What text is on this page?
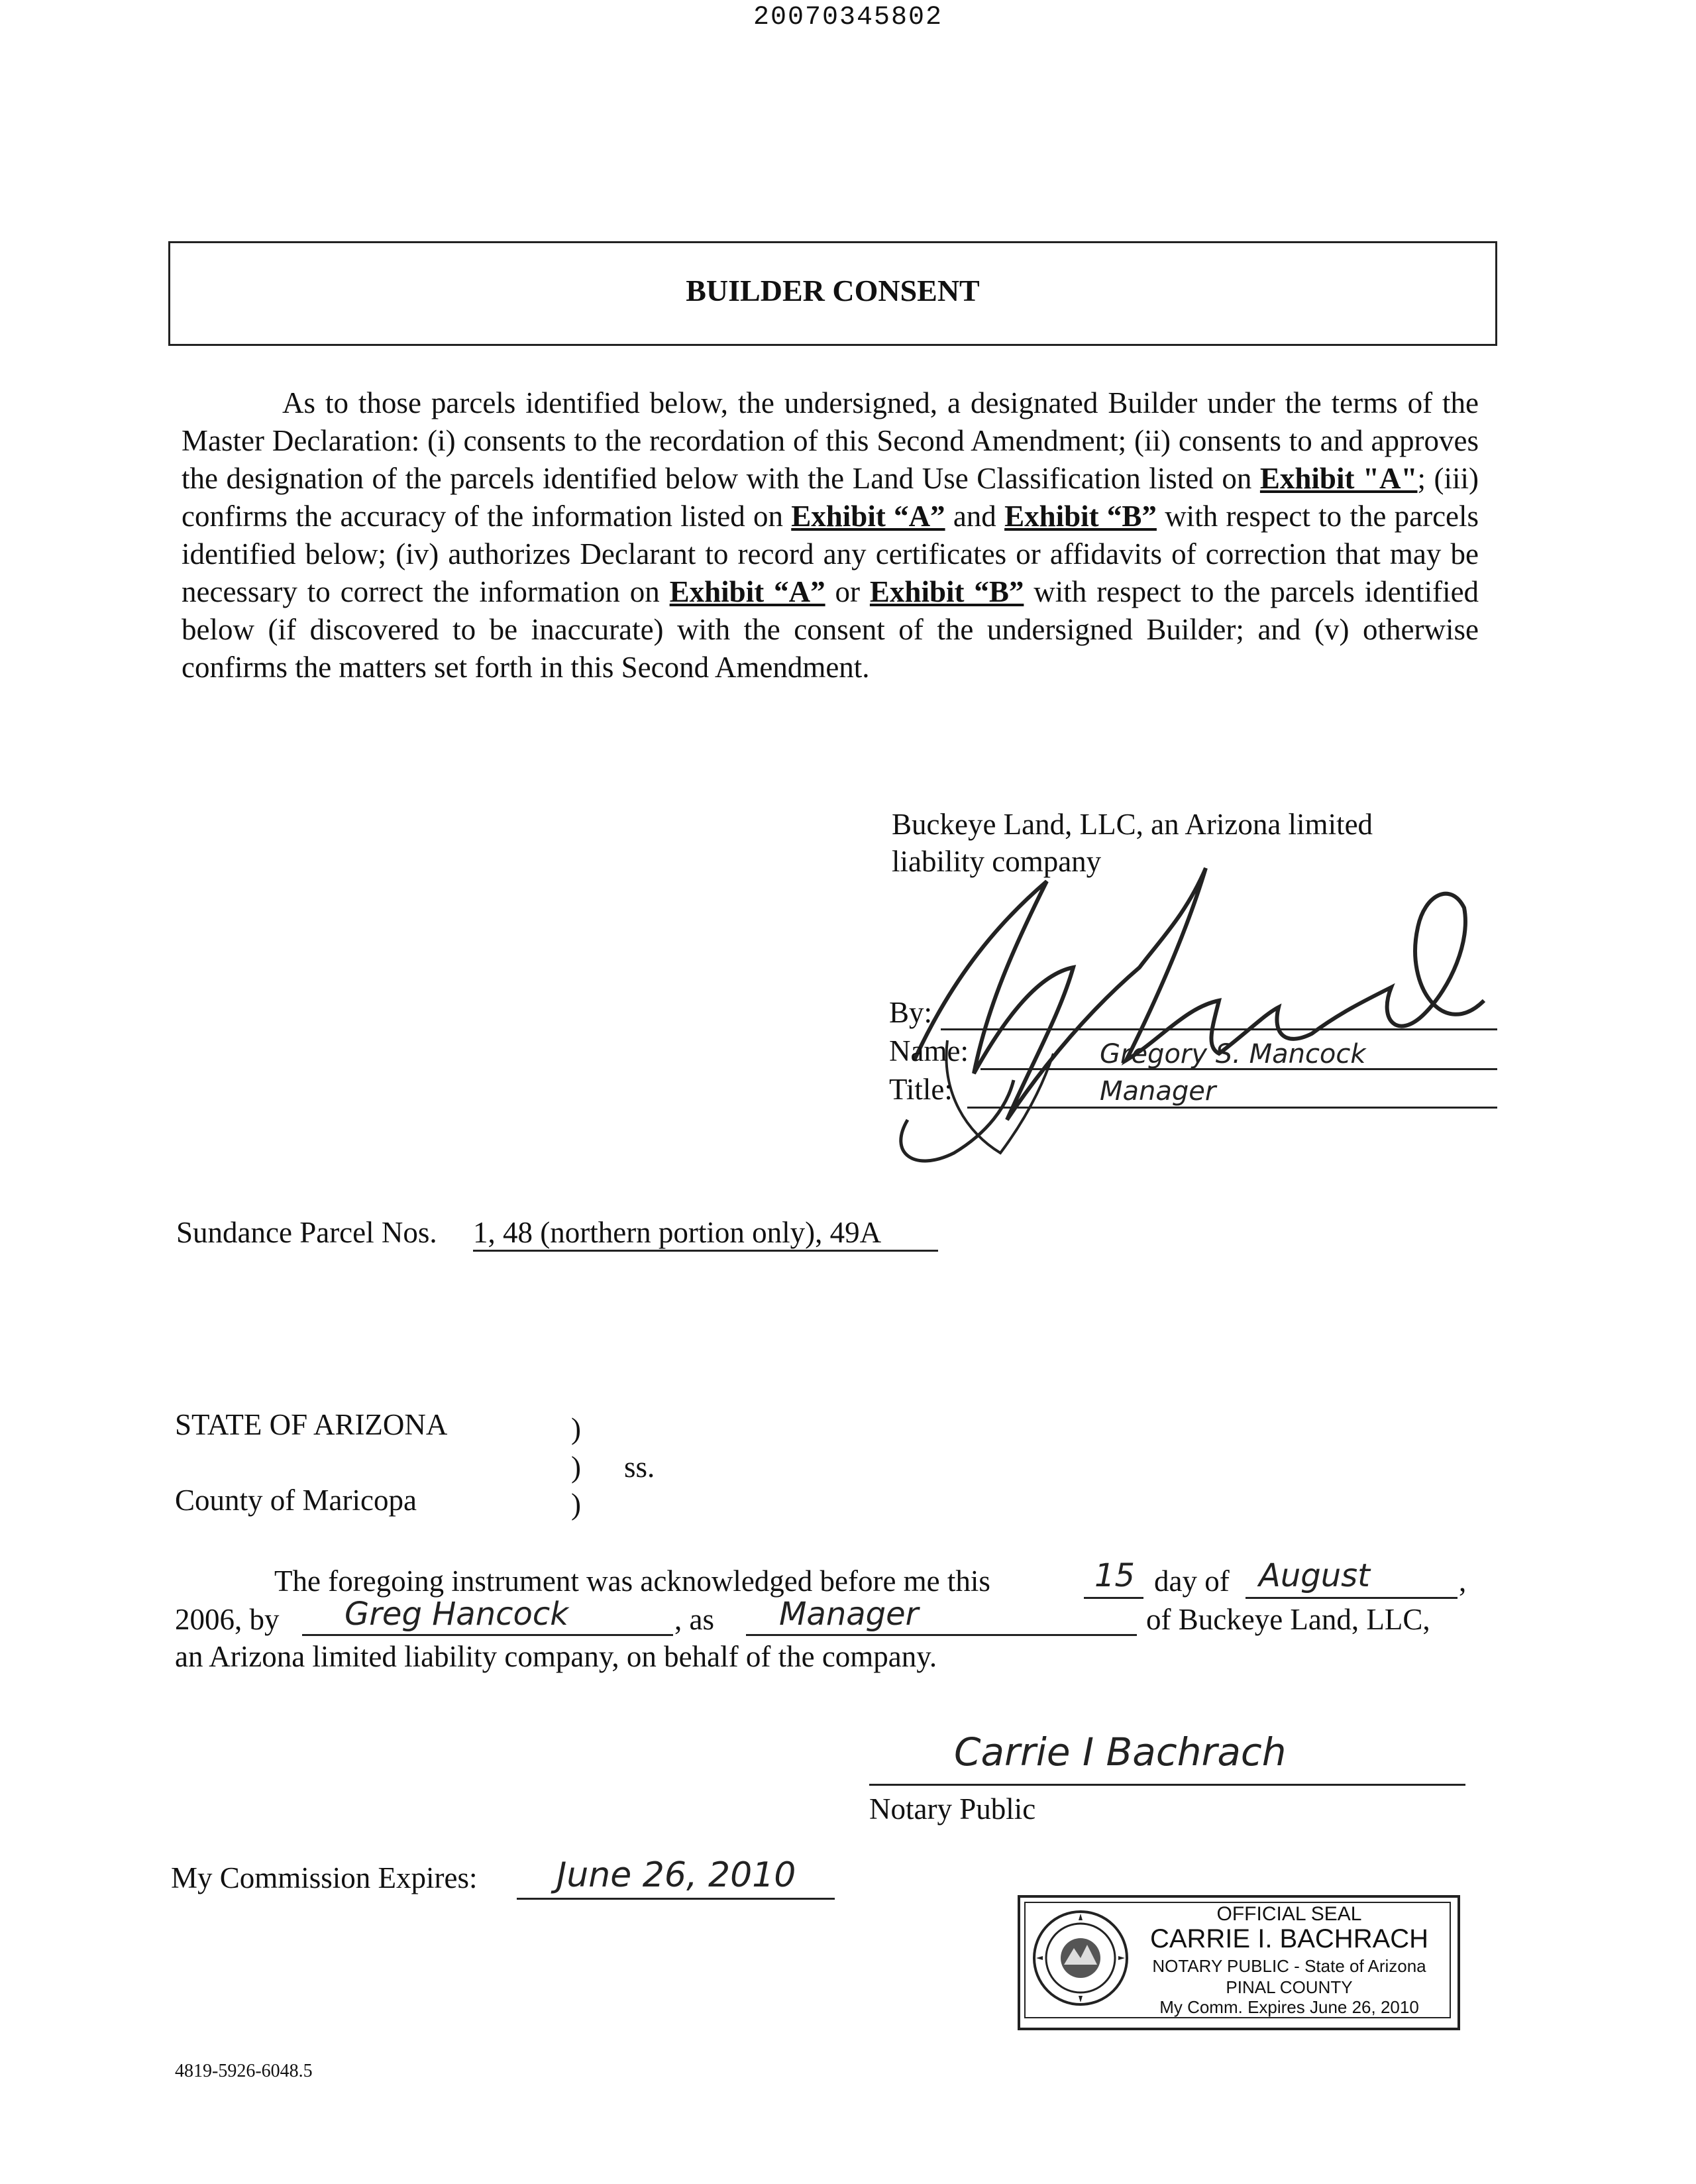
20070345802
BUILDER CONSENT
As to those parcels identified below, the undersigned, a designated Builder under the terms of the Master Declaration: (i) consents to the recordation of this Second Amendment; (ii) consents to and approves the designation of the parcels identified below with the Land Use Classification listed on Exhibit "A"; (iii) confirms the accuracy of the information listed on Exhibit “A” and Exhibit “B” with respect to the parcels identified below; (iv) authorizes Declarant to record any certificates or affidavits of correction that may be necessary to correct the information on Exhibit “A” or Exhibit “B” with respect to the parcels identified below (if discovered to be inaccurate) with the consent of the undersigned Builder; and (v) otherwise confirms the matters set forth in this Second Amendment.
Buckeye Land, LLC, an Arizona limited
liability company
By:
Name:	Gregory S. Mancock
Title:	Manager
Sundance Parcel Nos. 1, 48 (northern portion only), 49A
STATE OF ARIZONA	)
) ss.
County of Maricopa	)
The foregoing instrument was acknowledged before me this	15 day of August	,
2006, by Greg Hancock	, as Manager	of Buckeye Land, LLC,
an Arizona limited liability company, on behalf of the company.
Carrie I Bachrach
Notary Public
My Commission Expires: June 26, 2010
OFFICIAL SEAL
CARRIE I. BACHRACH
NOTARY PUBLIC - State of Arizona
PINAL COUNTY
My Comm. Expires June 26, 2010
4819-5926-6048.5
